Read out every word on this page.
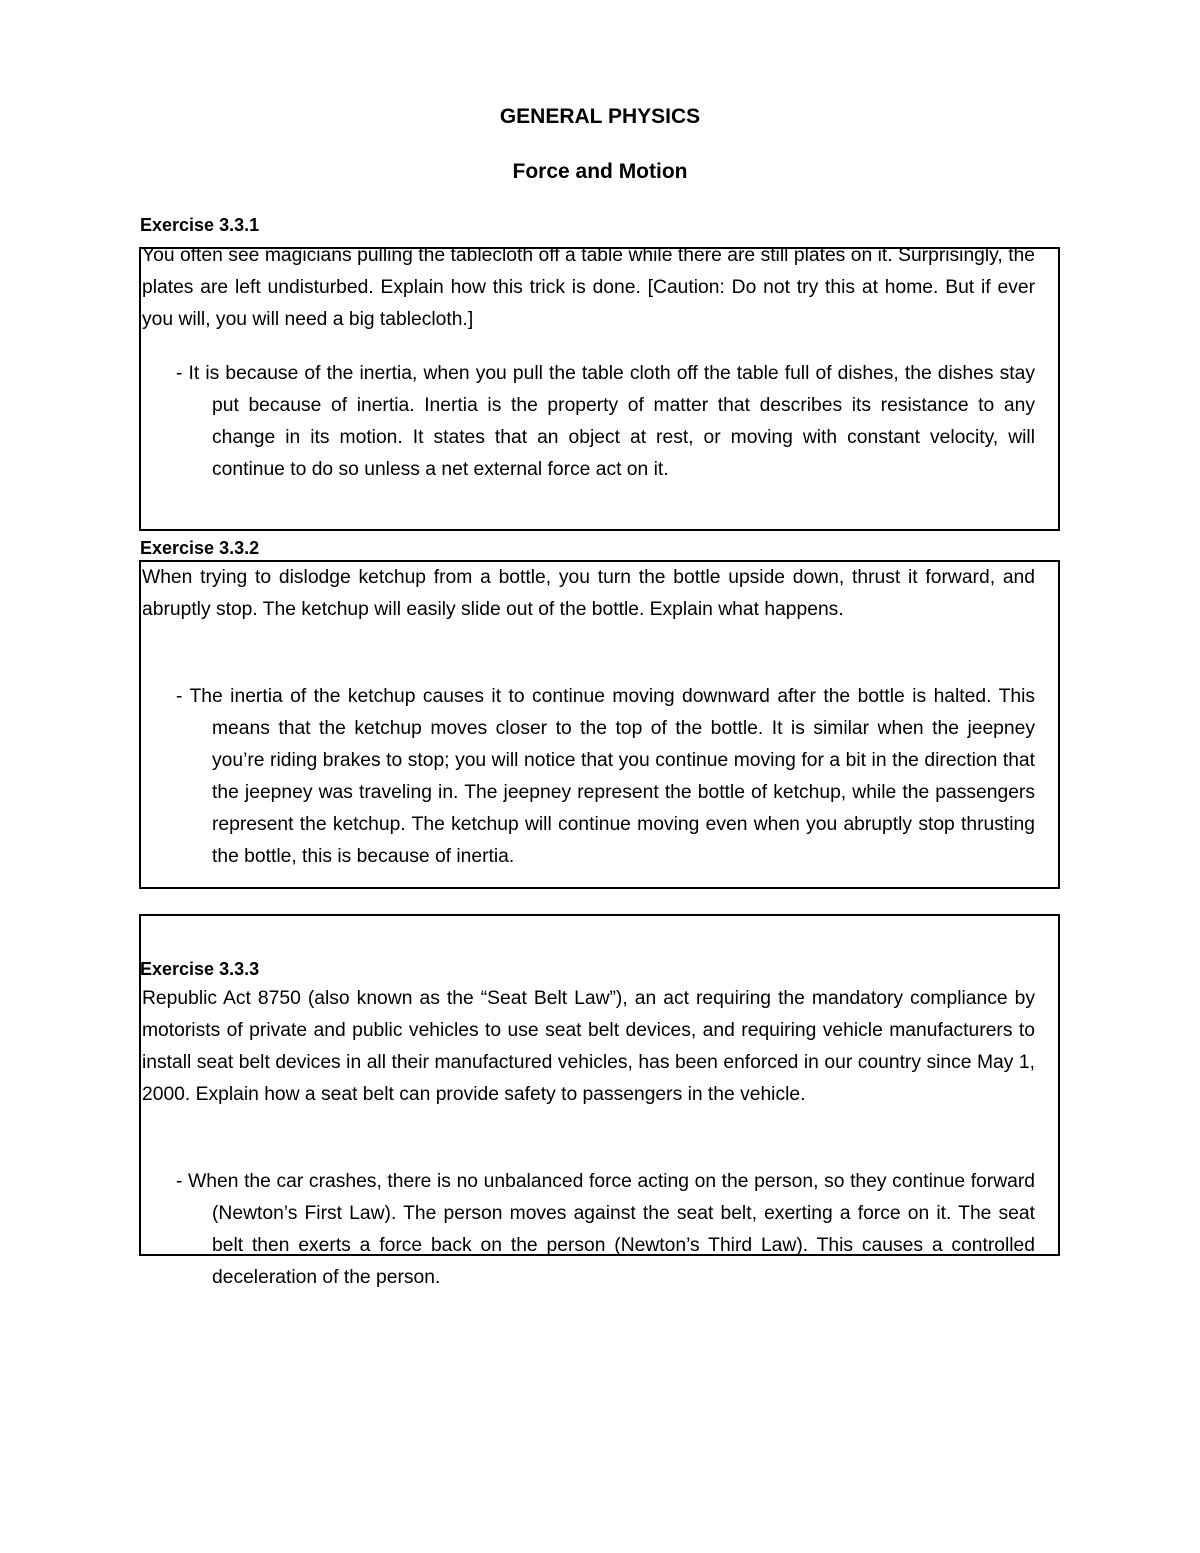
GENERAL PHYSICS
Force and Motion
Exercise 3.3.1
You often see magicians pulling the tablecloth off a table while there are still plates on it. Surprisingly, the plates are left undisturbed. Explain how this trick is done. [Caution: Do not try this at home. But if ever you will, you will need a big tablecloth.]
- It is because of the inertia, when you pull the table cloth off the table full of dishes, the dishes stay put because of inertia. Inertia is the property of matter that describes its resistance to any change in its motion. It states that an object at rest, or moving with constant velocity, will continue to do so unless a net external force act on it.
Exercise 3.3.2
When trying to dislodge ketchup from a bottle, you turn the bottle upside down, thrust it forward, and abruptly stop. The ketchup will easily slide out of the bottle. Explain what happens.
- The inertia of the ketchup causes it to continue moving downward after the bottle is halted. This means that the ketchup moves closer to the top of the bottle. It is similar when the jeepney you’re riding brakes to stop; you will notice that you continue moving for a bit in the direction that the jeepney was traveling in. The jeepney represent the bottle of ketchup, while the passengers represent the ketchup. The ketchup will continue moving even when you abruptly stop thrusting the bottle, this is because of inertia.
Exercise 3.3.3
Republic Act 8750 (also known as the “Seat Belt Law”), an act requiring the mandatory compliance by motorists of private and public vehicles to use seat belt devices, and requiring vehicle manufacturers to install seat belt devices in all their manufactured vehicles, has been enforced in our country since May 1, 2000. Explain how a seat belt can provide safety to passengers in the vehicle.
- When the car crashes, there is no unbalanced force acting on the person, so they continue forward (Newton’s First Law). The person moves against the seat belt, exerting a force on it. The seat belt then exerts a force back on the person (Newton’s Third Law). This causes a controlled deceleration of the person.
